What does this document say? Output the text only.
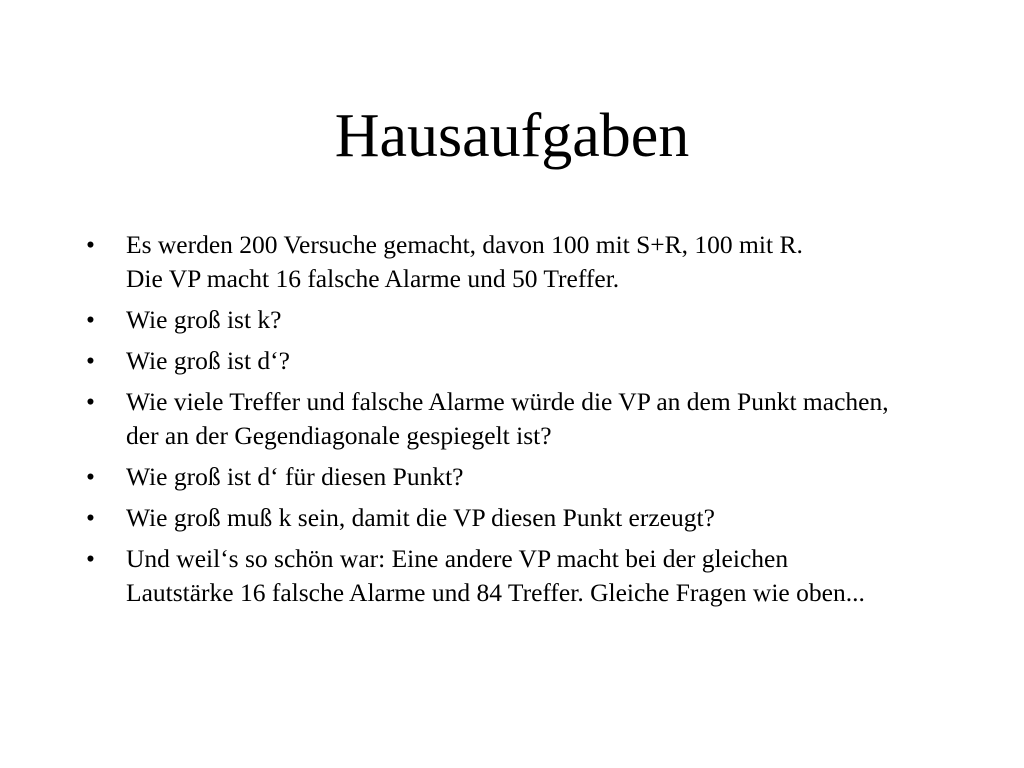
Hausaufgaben
•	Es werden 200 Versuche gemacht, davon 100 mit S+R, 100 mit R.
Die VP macht 16 falsche Alarme und 50 Treffer.
•	Wie groß ist k?
•	Wie groß ist d‘?
•	Wie viele Treffer und falsche Alarme würde die VP an dem Punkt machen,
der an der Gegendiagonale gespiegelt ist?
•	Wie groß ist d‘ für diesen Punkt?
•	Wie groß muß k sein, damit die VP diesen Punkt erzeugt?
•	Und weil‘s so schön war: Eine andere VP macht bei der gleichen
Lautstärke 16 falsche Alarme und 84 Treffer. Gleiche Fragen wie oben...
